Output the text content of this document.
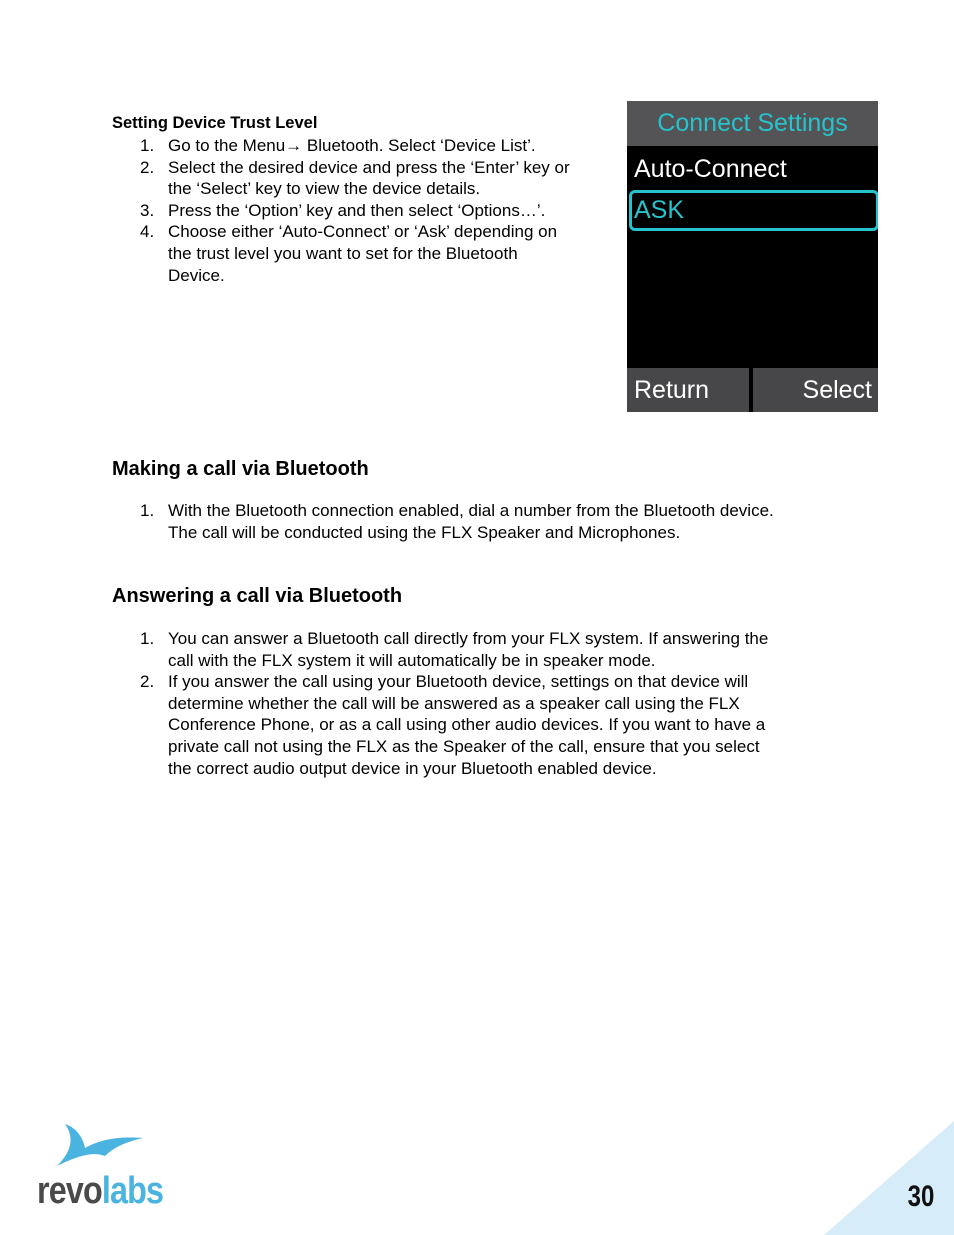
Setting Device Trust Level
1. Go to the Menu→ Bluetooth. Select ‘Device List’.
2. Select the desired device and press the ‘Enter’ key or
the ‘Select’ key to view the device details.
3. Press the ‘Option’ key and then select ‘Options…’.
4. Choose either ‘Auto-Connect’ or ‘Ask’ depending on
the trust level you want to set for the Bluetooth
Device.
Connect Settings
Auto-Connect
ASK
Return	Select
Making a call via Bluetooth
1. With the Bluetooth connection enabled, dial a number from the Bluetooth device.
The call will be conducted using the FLX Speaker and Microphones.
Answering a call via Bluetooth
1. You can answer a Bluetooth call directly from your FLX system. If answering the
call with the FLX system it will automatically be in speaker mode.
2. If you answer the call using your Bluetooth device, settings on that device will
determine whether the call will be answered as a speaker call using the FLX
Conference Phone, or as a call using other audio devices. If you want to have a
private call not using the FLX as the Speaker of the call, ensure that you select
the correct audio output device in your Bluetooth enabled device.
revolabs	30
